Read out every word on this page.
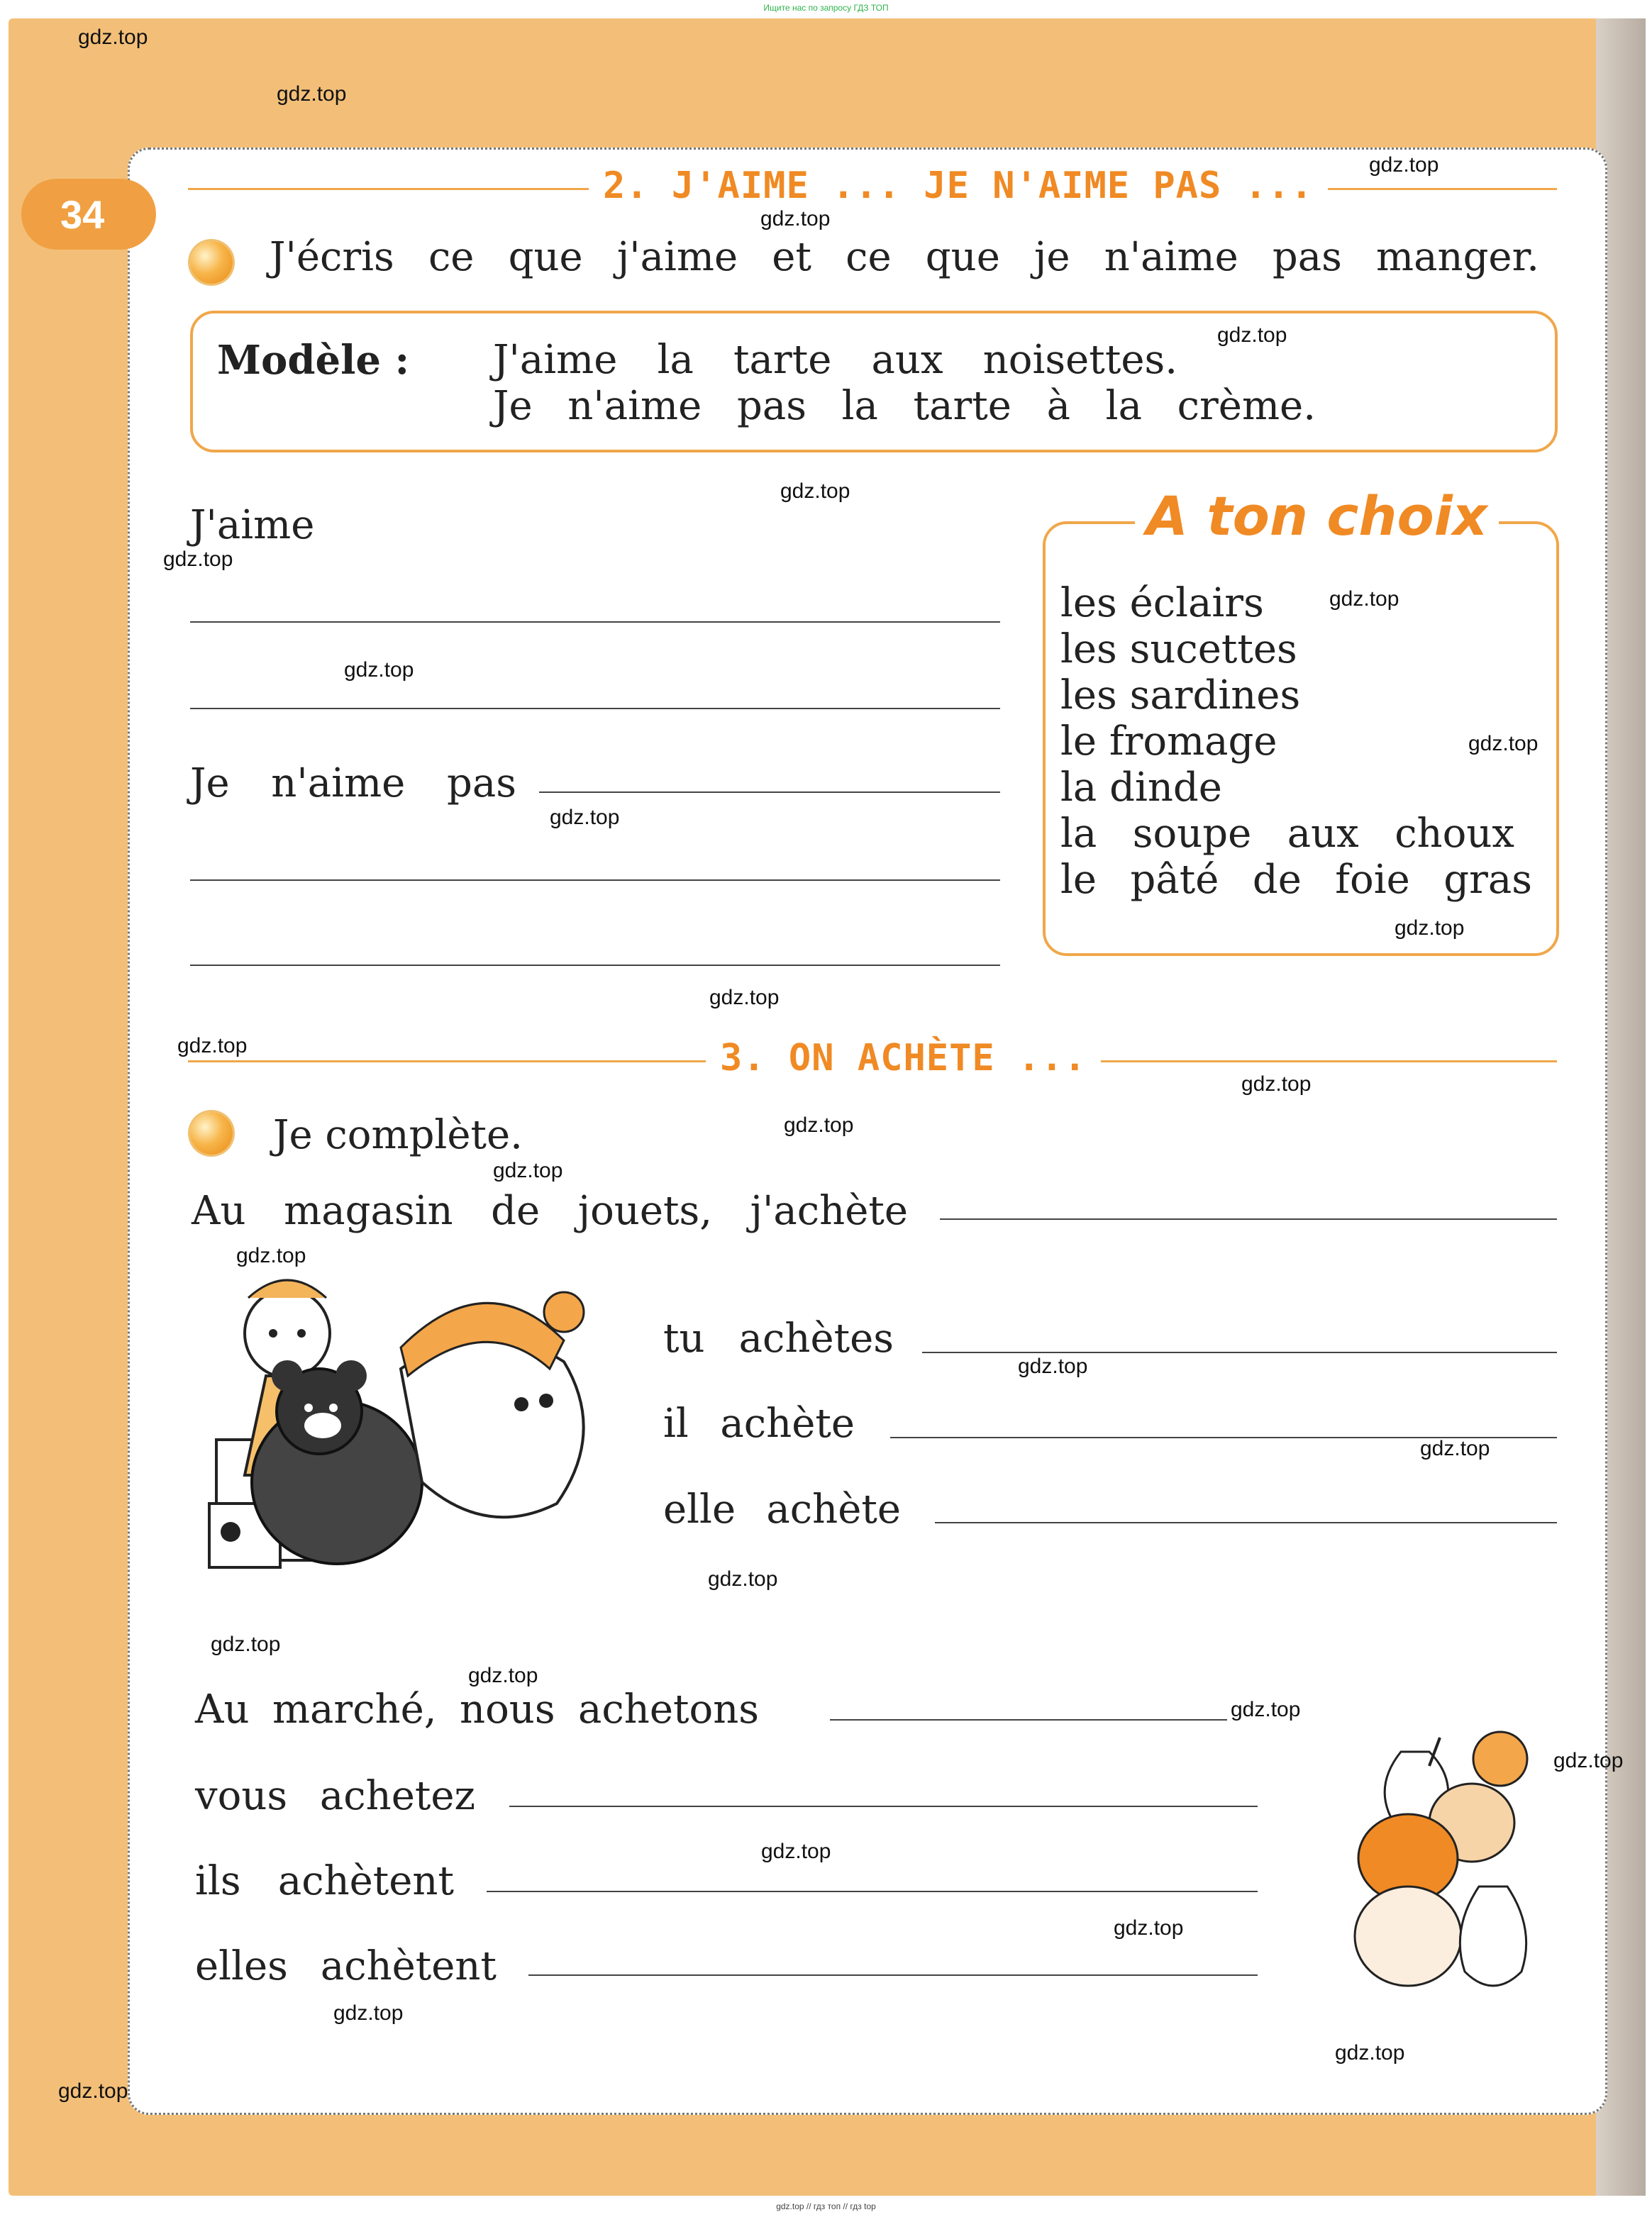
Ищите нас по запросу ГДЗ ТОП
34

2. J'AIME ... JE N'AIME PAS ...
J'écris ce que j'aime et ce que je n'aime pas manger.
Modèle : J'aime la tarte aux noisettes.
Je n'aime pas la tarte à la crème.
J'aime
Je n'aime pas
A ton choix
les éclairs
les sucettes
les sardines
le fromage
la dinde
la soupe aux choux
le pâté de foie gras
3. ON ACHÈTE ...
Je complète.
Au magasin de jouets, j'achète
tu achètes
il achète
elle achète
Au marché, nous achetons
vous achetez
ils achètent
elles achètent
gdz.top
gdz.top
gdz.top
gdz.top
gdz.top
gdz.top
gdz.top
gdz.top
gdz.top
gdz.top
gdz.top
gdz.top
gdz.top
gdz.top
gdz.top
gdz.top
gdz.top
gdz.top
gdz.top
gdz.top
gdz.top
gdz.top
gdz.top
gdz.top
gdz.top
gdz.top
gdz.top
gdz.top
gdz.top
gdz.top
gdz.top // гдз топ // гдз top
